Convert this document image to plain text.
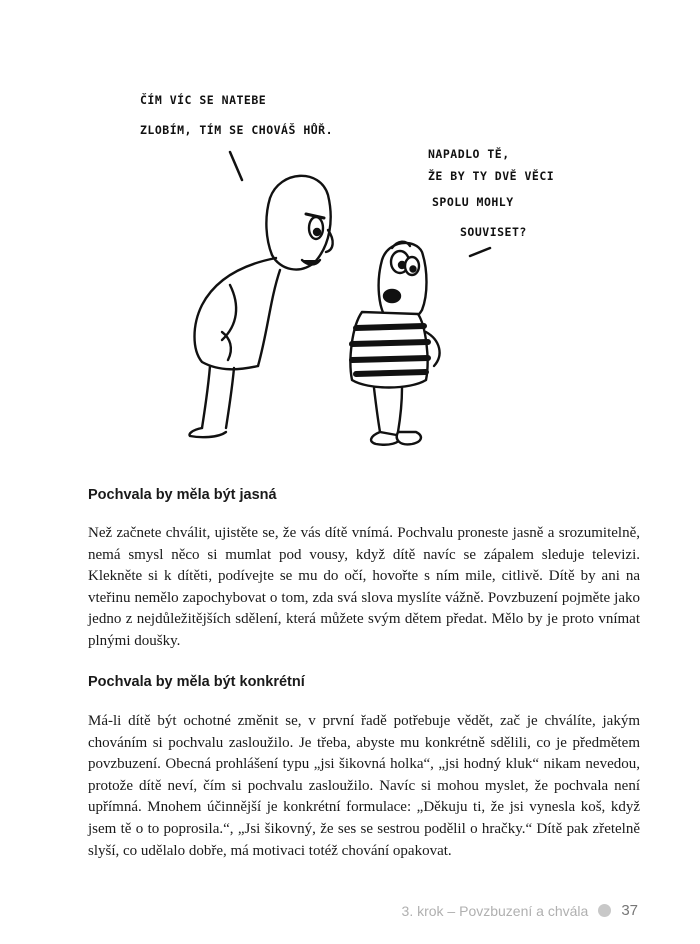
ČÍM VÍC SE NATEBE
ZLOBÍM, TÍM SE CHOVÁŠ HŮŘ.
NAPADLO TĚ,
ŽE BY TY DVĚ VĚCI
SPOLU MOHLY
SOUVISET?
Pochvala by měla být jasná

Než začnete chválit, ujistěte se, že vás dítě vnímá. Pochvalu proneste jasně a srozumitelně, nemá smysl něco si mumlat pod vousy, když dítě navíc se zápalem sleduje televizi. Klekněte si k dítěti, podívejte se mu do očí, hovořte s ním mile, citlivě. Dítě by ani na vteřinu nemělo zapochybovat o tom, zda svá slova myslíte vážně. Povzbuzení pojměte jako jedno z nejdůležitějších sdělení, která můžete svým dětem předat. Mělo by je proto vnímat plnými doušky.

Pochvala by měla být konkrétní

Má-li dítě být ochotné změnit se, v první řadě potřebuje vědět, zač je chválíte, jakým chováním si pochvalu zasloužilo. Je třeba, abyste mu konkrétně sdělili, co je předmětem povzbuzení. Obecná prohlášení typu „jsi šikovná holka“, „jsi hodný kluk“ nikam nevedou, protože dítě neví, čím si pochvalu zasloužilo. Navíc si mohou myslet, že pochvala není upřímná. Mnohem účinnější je konkrétní formulace: „Děkuju ti, že jsi vynesla koš, když jsem tě o to poprosila.“, „Jsi šikovný, že ses se sestrou podělil o hračky.“ Dítě pak zřetelně slyší, co udělalo dobře, má motivaci totéž chování opakovat.

3. krok – Povzbuzení a chvála 37
